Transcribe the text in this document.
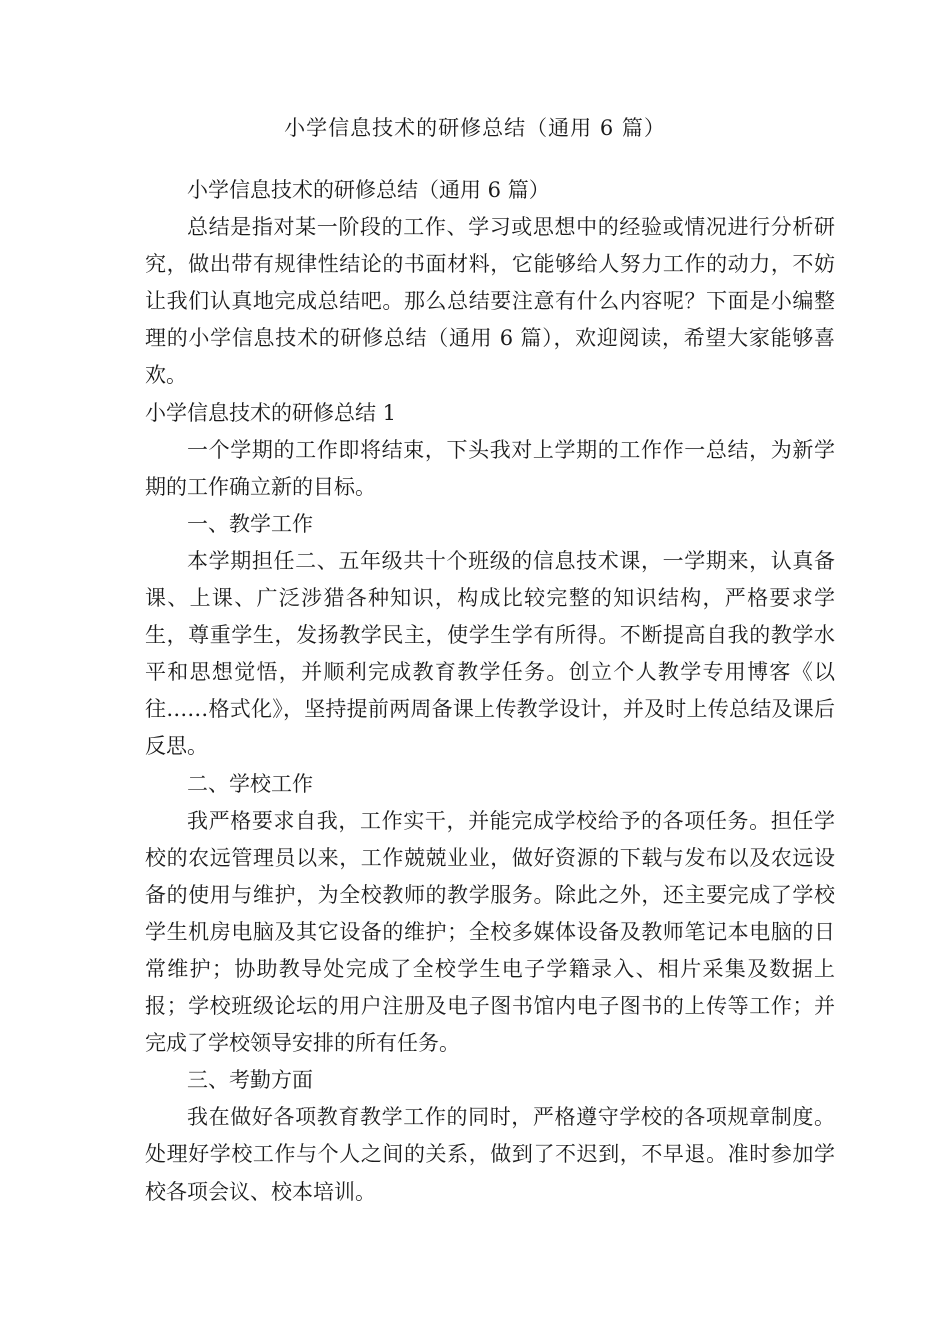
小学信息技术的研修总结（通用 6 篇）

小学信息技术的研修总结（通用 6 篇）

总结是指对某一阶段的工作、学习或思想中的经验或情况进行分析研究，做出带有规律性结论的书面材料，它能够给人努力工作的动力，不妨让我们认真地完成总结吧。那么总结要注意有什么内容呢？下面是小编整理的小学信息技术的研修总结（通用 6 篇），欢迎阅读，希望大家能够喜欢。

小学信息技术的研修总结 1

一个学期的工作即将结束，下头我对上学期的工作作一总结，为新学期的工作确立新的目标。

一、教学工作

本学期担任二、五年级共十个班级的信息技术课，一学期来，认真备课、上课、广泛涉猎各种知识，构成比较完整的知识结构，严格要求学生，尊重学生，发扬教学民主，使学生学有所得。不断提高自我的教学水平和思想觉悟，并顺利完成教育教学任务。创立个人教学专用博客《以往……格式化》，坚持提前两周备课上传教学设计，并及时上传总结及课后反思。

二、学校工作

我严格要求自我，工作实干，并能完成学校给予的各项任务。担任学校的农远管理员以来，工作兢兢业业，做好资源的下载与发布以及农远设备的使用与维护，为全校教师的教学服务。除此之外，还主要完成了学校学生机房电脑及其它设备的维护；全校多媒体设备及教师笔记本电脑的日常维护；协助教导处完成了全校学生电子学籍录入、相片采集及数据上报；学校班级论坛的用户注册及电子图书馆内电子图书的上传等工作；并完成了学校领导安排的所有任务。

三、考勤方面

我在做好各项教育教学工作的同时，严格遵守学校的各项规章制度。处理好学校工作与个人之间的关系，做到了不迟到，不早退。准时参加学校各项会议、校本培训。
